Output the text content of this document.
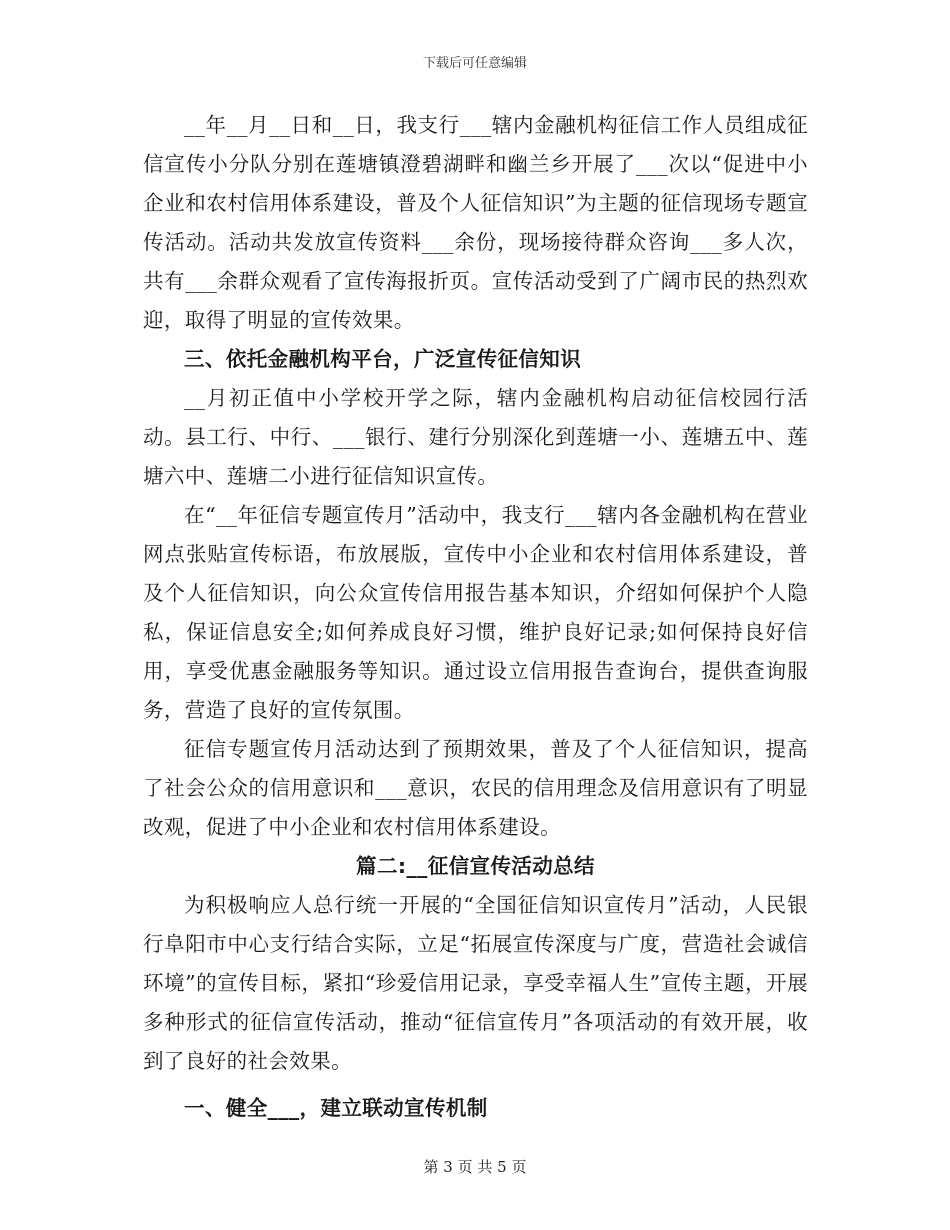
下载后可任意编辑

__年__月__日和__日，我支行___辖内金融机构征信工作人员组成征信宣传小分队分别在莲塘镇澄碧湖畔和幽兰乡开展了___次以“促进中小企业和农村信用体系建设，普及个人征信知识”为主题的征信现场专题宣传活动。活动共发放宣传资料___余份，现场接待群众咨询___多人次，共有___余群众观看了宣传海报折页。宣传活动受到了广阔市民的热烈欢迎，取得了明显的宣传效果。

三、依托金融机构平台，广泛宣传征信知识

__月初正值中小学校开学之际，辖内金融机构启动征信校园行活动。县工行、中行、___银行、建行分别深化到莲塘一小、莲塘五中、莲塘六中、莲塘二小进行征信知识宣传。

在“__年征信专题宣传月”活动中，我支行___辖内各金融机构在营业网点张贴宣传标语，布放展版，宣传中小企业和农村信用体系建设，普及个人征信知识，向公众宣传信用报告基本知识，介绍如何保护个人隐私，保证信息安全;如何养成良好习惯，维护良好记录;如何保持良好信用，享受优惠金融服务等知识。通过设立信用报告查询台，提供查询服务，营造了良好的宣传氛围。

征信专题宣传月活动达到了预期效果，普及了个人征信知识，提高了社会公众的信用意识和___意识，农民的信用理念及信用意识有了明显改观，促进了中小企业和农村信用体系建设。

篇二:__征信宣传活动总结

为积极响应人总行统一开展的“全国征信知识宣传月”活动，人民银行阜阳市中心支行结合实际，立足“拓展宣传深度与广度，营造社会诚信环境”的宣传目标，紧扣“珍爱信用记录，享受幸福人生”宣传主题，开展多种形式的征信宣传活动，推动“征信宣传月”各项活动的有效开展，收到了良好的社会效果。

一、健全___，建立联动宣传机制

第 3 页 共 5 页
